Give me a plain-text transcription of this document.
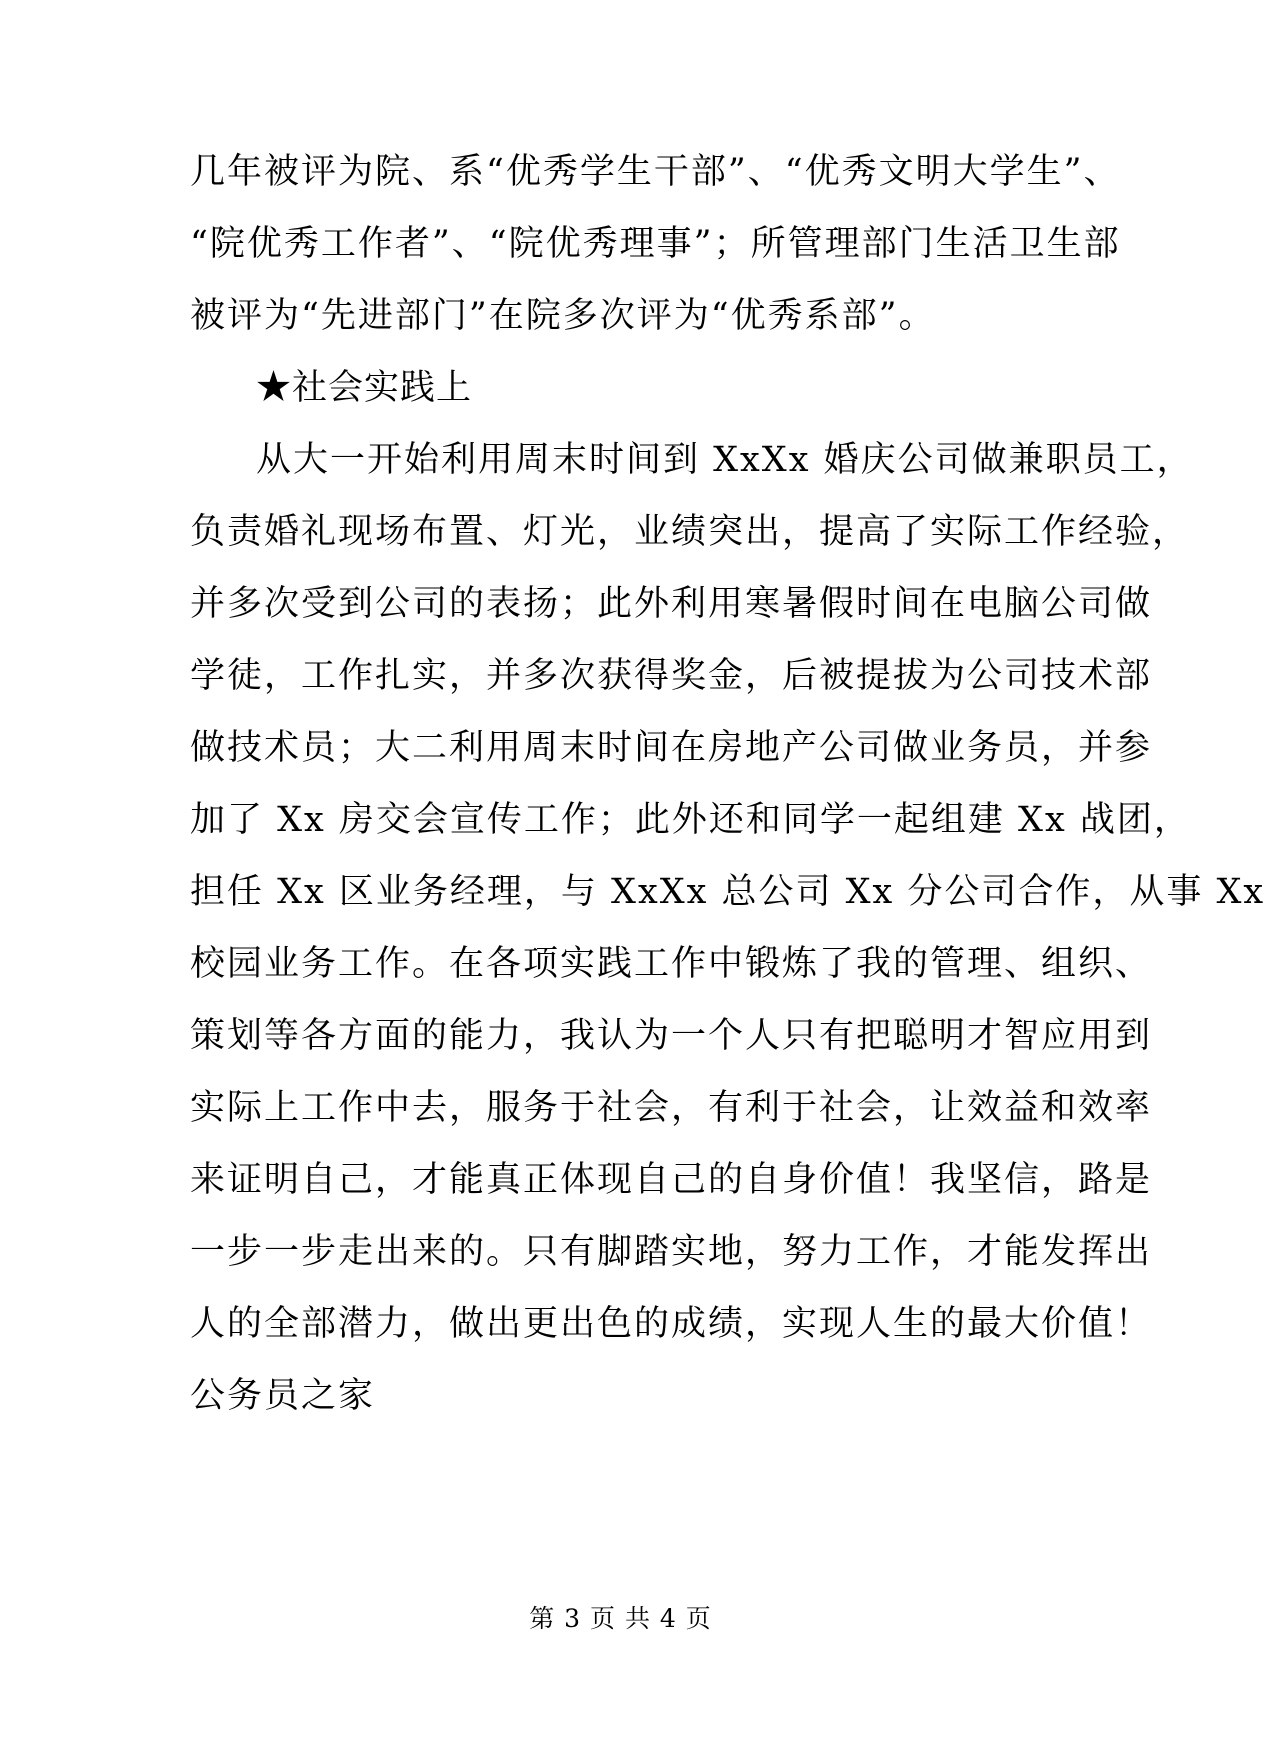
几年被评为院、系“优秀学生干部”、“优秀文明大学生”、
“院优秀工作者”、“院优秀理事”；所管理部门生活卫生部
被评为“先进部门”在院多次评为“优秀系部”。
★社会实践上
从大一开始利用周末时间到 XxXx 婚庆公司做兼职员工，
负责婚礼现场布置、灯光，业绩突出，提高了实际工作经验，
并多次受到公司的表扬；此外利用寒暑假时间在电脑公司做
学徒，工作扎实，并多次获得奖金，后被提拔为公司技术部
做技术员；大二利用周末时间在房地产公司做业务员，并参
加了 Xx 房交会宣传工作；此外还和同学一起组建 Xx 战团，
担任 Xx 区业务经理，与 XxXx 总公司 Xx 分公司合作，从事 Xx
校园业务工作。在各项实践工作中锻炼了我的管理、组织、
策划等各方面的能力，我认为一个人只有把聪明才智应用到
实际上工作中去，服务于社会，有利于社会，让效益和效率
来证明自己，才能真正体现自己的自身价值！我坚信，路是
一步一步走出来的。只有脚踏实地，努力工作，才能发挥出
人的全部潜力，做出更出色的成绩，实现人生的最大价值！
公务员之家
第 3 页 共 4 页
